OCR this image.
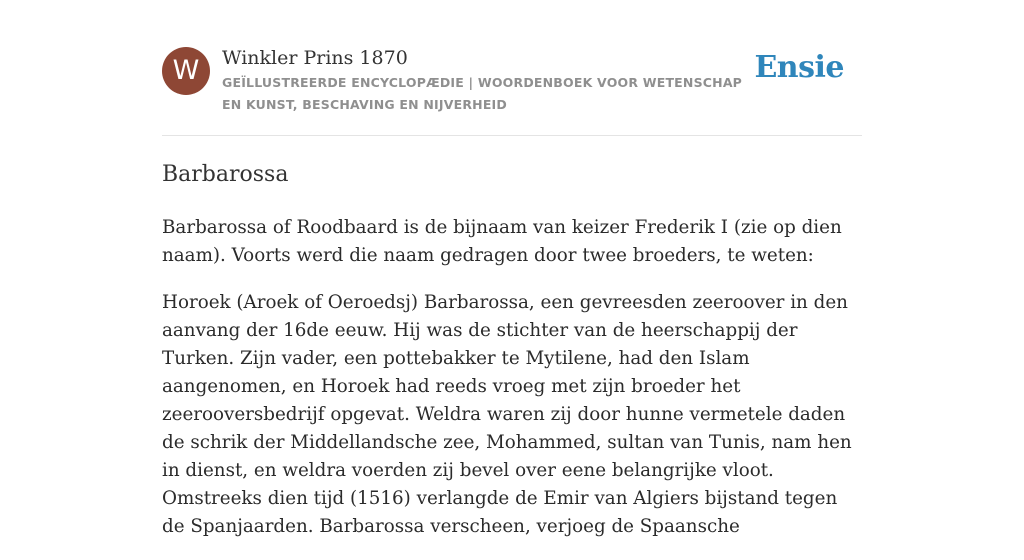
W	Winkler Prins 1870
GEÏLLUSTREERDE ENCYCLOPÆDIE | WOORDENBOEK VOOR WETENSCHAP EN KUNST, BESCHAVING EN NIJVERHEID
Ensie
Barbarossa

Barbarossa of Roodbaard is de bijnaam van keizer Frederik I (zie op dien naam). Voorts werd die naam gedragen door twee broeders, te weten:

Horoek (Aroek of Oeroedsj) Barbarossa, een gevreesden zeeroover in den aanvang der 16de eeuw. Hij was de stichter van de heerschappij der Turken. Zijn vader, een pottebakker te Mytilene, had den Islam aangenomen, en Horoek had reeds vroeg met zijn broeder het zeerooversbedrijf opgevat. Weldra waren zij door hunne vermetele daden de schrik der Middellandsche zee, Mohammed, sultan van Tunis, nam hen in dienst, en weldra voerden zij bevel over eene belangrijke vloot. Omstreeks dien tijd (1516) verlangde de Emir van Algiers bijstand tegen de Spanjaarden. Barbarossa verscheen, verjoeg de Spaansche
